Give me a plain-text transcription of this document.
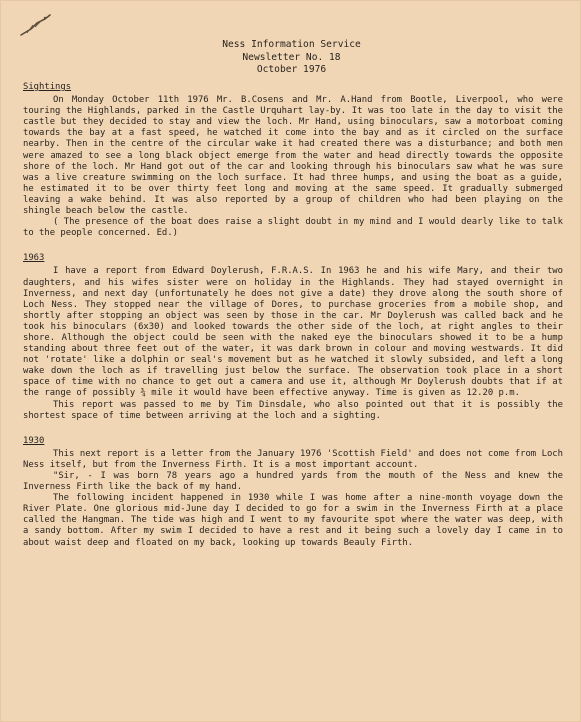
Ness Information Service
Newsletter No. 18
October 1976
Sightings

On Monday October 11th 1976 Mr. B.Cosens and Mr. A.Hand from Bootle, Liverpool, who were touring the Highlands, parked in the Castle Urquhart lay-by. It was too late in the day to visit the castle but they decided to stay and view the loch. Mr Hand, using binoculars, saw a motorboat coming towards the bay at a fast speed, he watched it come into the bay and as it circled on the surface nearby. Then in the centre of the circular wake it had created there was a disturbance; and both men were amazed to see a long black object emerge from the water and head directly towards the opposite shore of the loch. Mr Hand got out of the car and looking through his binoculars saw what he was sure was a live creature swimming on the loch surface. It had three humps, and using the boat as a guide, he estimated it to be over thirty feet long and moving at the same speed. It gradually submerged leaving a wake behind. It was also reported by a group of children who had been playing on the shingle beach below the castle.

( The presence of the boat does raise a slight doubt in my mind and I would dearly like to talk to the people concerned. Ed.)

1963

I have a report from Edward Doylerush, F.R.A.S. In 1963 he and his wife Mary, and their two daughters, and his wifes sister were on holiday in the Highlands. They had stayed overnight in Inverness, and next day (unfortunately he does not give a date) they drove along the south shore of Loch Ness. They stopped near the village of Dores, to purchase groceries from a mobile shop, and shortly after stopping an object was seen by those in the car. Mr Doylerush was called back and he took his binoculars (6x30) and looked towards the other side of the loch, at right angles to their shore. Although the object could be seen with the naked eye the binoculars showed it to be a hump standing about three feet out of the water, it was dark brown in colour and moving westwards. It did not 'rotate' like a dolphin or seal's movement but as he watched it slowly subsided, and left a long wake down the loch as if travelling just below the surface. The observation took place in a short space of time with no chance to get out a camera and use it, although Mr Doylerush doubts that if at the range of possibly ¾ mile it would have been effective anyway. Time is given as 12.20 p.m.

This report was passed to me by Tim Dinsdale, who also pointed out that it is possibly the shortest space of time between arriving at the loch and a sighting.

1930

This next report is a letter from the January 1976 'Scottish Field' and does not come from Loch Ness itself, but from the Inverness Firth. It is a most important account.

"Sir, - I was born 78 years ago a hundred yards from the mouth of the Ness and knew the Inverness Firth like the back of my hand.

The following incident happened in 1930 while I was home after a nine-month voyage down the River Plate. One glorious mid-June day I decided to go for a swim in the Inverness Firth at a place called the Hangman. The tide was high and I went to my favourite spot where the water was deep, with a sandy bottom. After my swim I decided to have a rest and it being such a lovely day I came in to about waist deep and floated on my back, looking up towards Beauly Firth.
